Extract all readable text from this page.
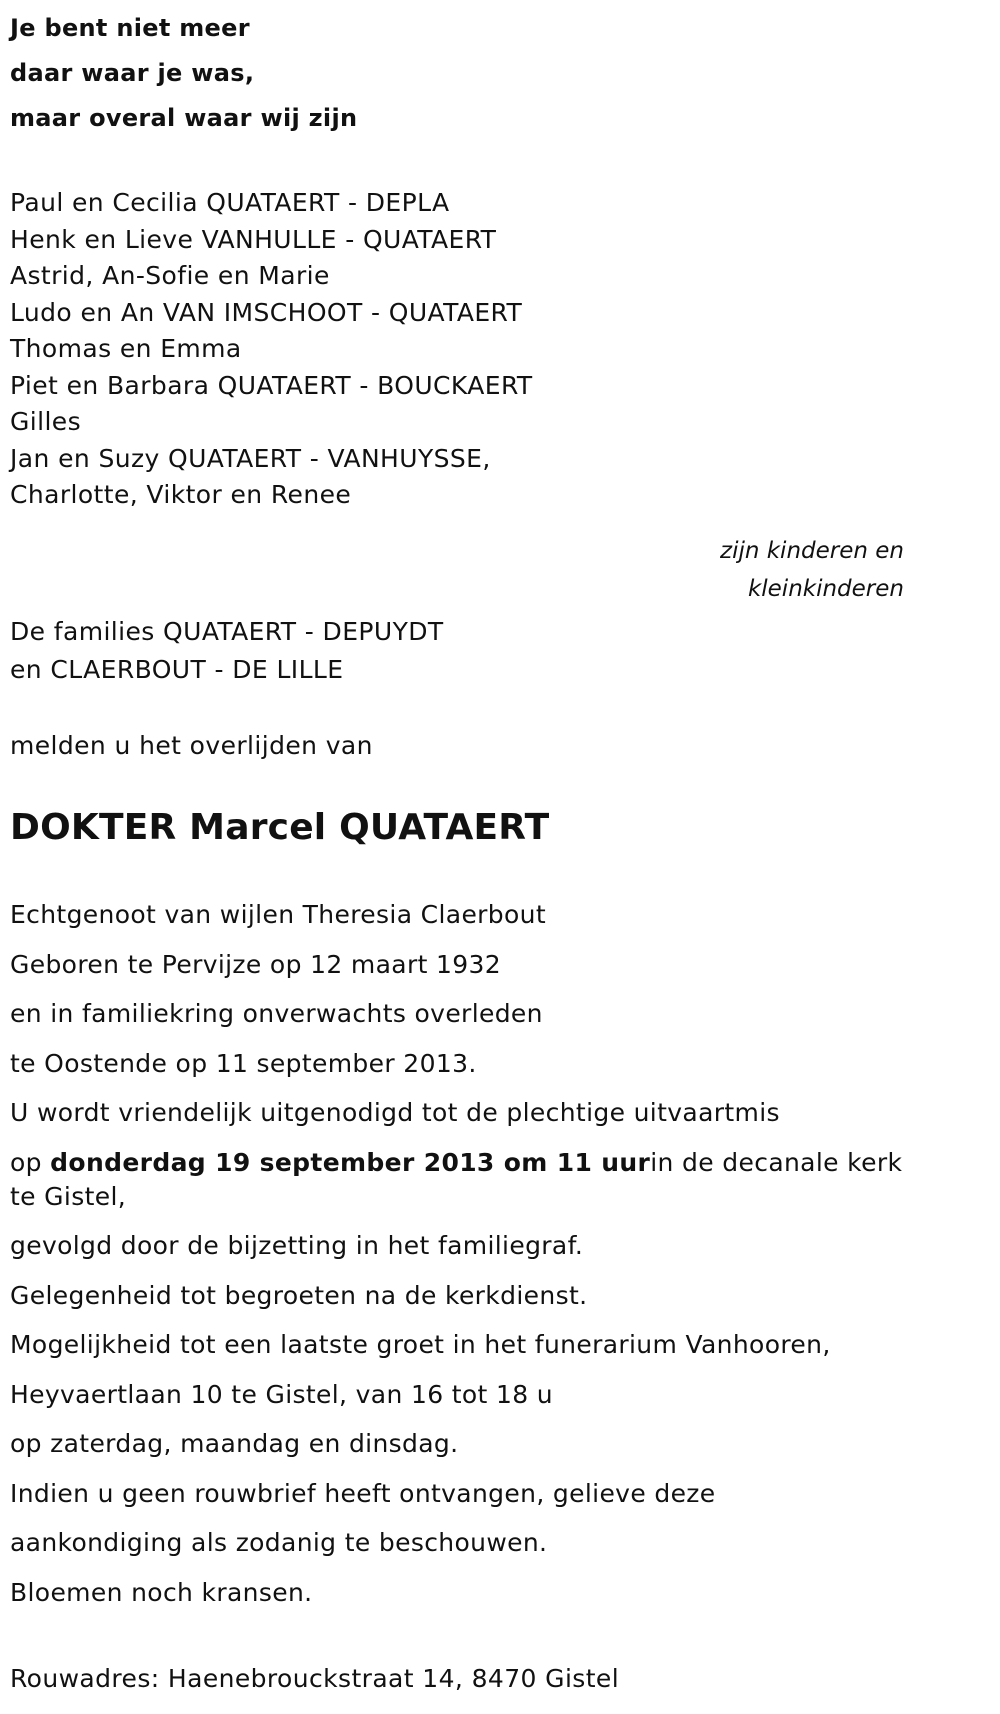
Je bent niet meer
daar waar je was,
maar overal waar wij zijn
Paul en Cecilia QUATAERT - DEPLA
Henk en Lieve VANHULLE - QUATAERT
Astrid, An-Sofie en Marie
Ludo en An VAN IMSCHOOT - QUATAERT
Thomas en Emma
Piet en Barbara QUATAERT - BOUCKAERT
Gilles
Jan en Suzy QUATAERT - VANHUYSSE,
Charlotte, Viktor en Renee
zijn kinderen en
kleinkinderen
De families QUATAERT - DEPUYDT
en CLAERBOUT - DE LILLE
melden u het overlijden van
DOKTER Marcel QUATAERT
Echtgenoot van wijlen Theresia Claerbout
Geboren te Pervijze op 12 maart 1932
en in familiekring onverwachts overleden
te Oostende op 11 september 2013.
U wordt vriendelijk uitgenodigd tot de plechtige uitvaartmis
op donderdag 19 september 2013 om 11 uurin de decanale kerk te Gistel,
gevolgd door de bijzetting in het familiegraf.
Gelegenheid tot begroeten na de kerkdienst.
Mogelijkheid tot een laatste groet in het funerarium Vanhooren,
Heyvaertlaan 10 te Gistel, van 16 tot 18 u
op zaterdag, maandag en dinsdag.
Indien u geen rouwbrief heeft ontvangen, gelieve deze
aankondiging als zodanig te beschouwen.
Bloemen noch kransen.
Rouwadres: Haenebrouckstraat 14, 8470 Gistel
